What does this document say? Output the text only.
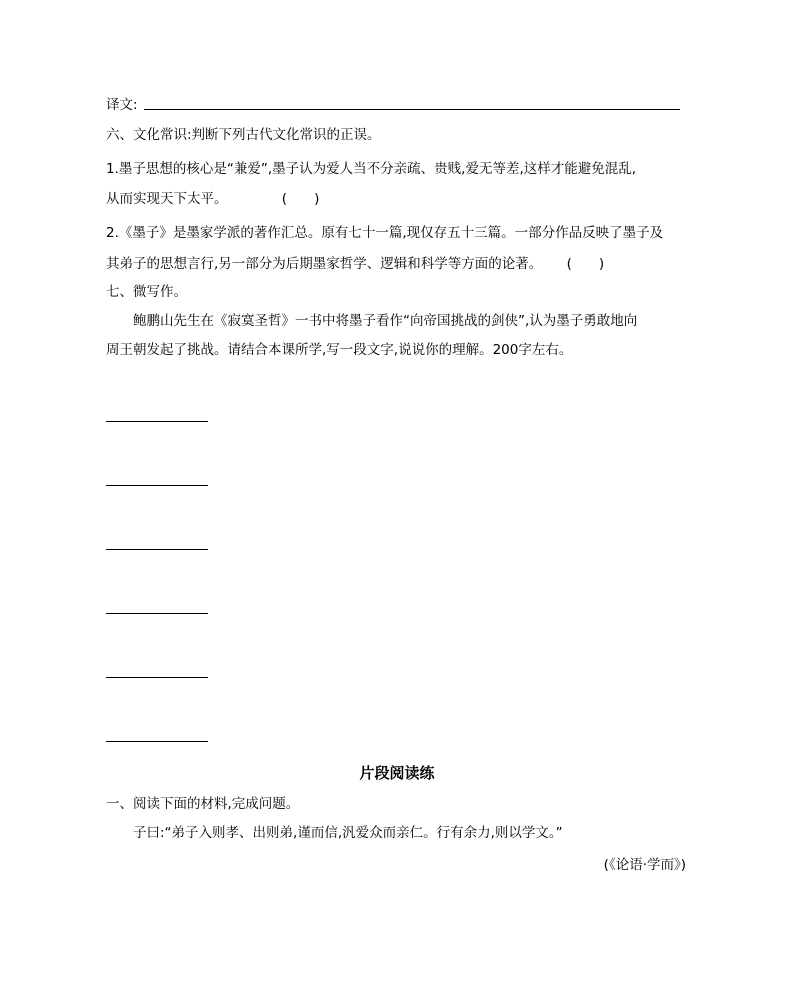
译文:
六、文化常识:判断下列古代文化常识的正误。
1.墨子思想的核心是“兼爱”,墨子认为爱人当不分亲疏、贵贱,爱无等差,这样才能避免混乱,
从而实现天下太平。	(　　)
2.《墨子》是墨家学派的著作汇总。原有七十一篇,现仅存五十三篇。一部分作品反映了墨子及
其弟子的思想言行,另一部分为后期墨家哲学、逻辑和科学等方面的论著。 (　　)
七、微写作。
鲍鹏山先生在《寂寞圣哲》一书中将墨子看作“向帝国挑战的剑侠”,认为墨子勇敢地向
周王朝发起了挑战。请结合本课所学,写一段文字,说说你的理解。200字左右。
片段阅读练
一、阅读下面的材料,完成问题。
子曰:“弟子入则孝、出则弟,谨而信,汎爱众而亲仁。行有余力,则以学文。”
(《论语·学而》)
